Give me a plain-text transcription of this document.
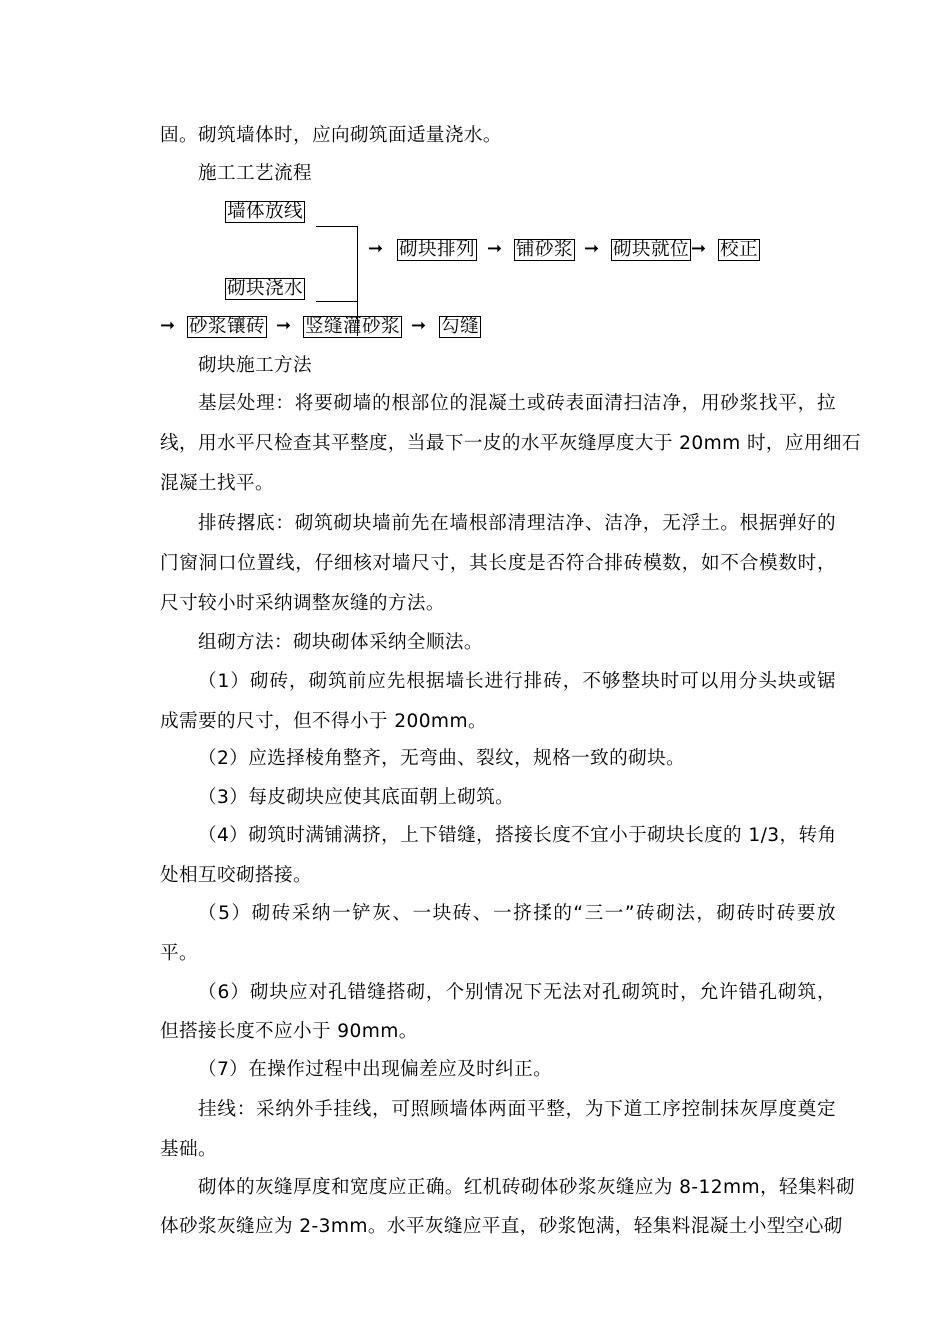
固。砌筑墙体时，应向砌筑面适量浇水。
施工工艺流程
墙体放线
砌块浇水
➞ 砌块排列 ➞ 铺砂浆 ➞ 砌块就位 ➞ 校正
➞ 砂浆镶砖 ➞ 竖缝灌砂浆 ➞ 勾缝
砌块施工方法
基层处理：将要砌墙的根部位的混凝土或砖表面清扫洁净，用砂浆找平，拉
线，用水平尺检查其平整度，当最下一皮的水平灰缝厚度大于 20mm 时，应用细石
混凝土找平。
排砖撂底：砌筑砌块墙前先在墙根部清理洁净、洁净，无浮土。根据弹好的
门窗洞口位置线，仔细核对墙尺寸，其长度是否符合排砖模数，如不合模数时，
尺寸较小时采纳调整灰缝的方法。
组砌方法：砌块砌体采纳全顺法。
（1）砌砖，砌筑前应先根据墙长进行排砖，不够整块时可以用分头块或锯
成需要的尺寸，但不得小于 200mm。
（2）应选择棱角整齐，无弯曲、裂纹，规格一致的砌块。
（3）每皮砌块应使其底面朝上砌筑。
（4）砌筑时满铺满挤，上下错缝，搭接长度不宜小于砌块长度的 1/3，转角
处相互咬砌搭接。
（5）砌砖采纳一铲灰、一块砖、一挤揉的“三一”砖砌法，砌砖时砖要放
平。
（6）砌块应对孔错缝搭砌，个别情况下无法对孔砌筑时，允许错孔砌筑，
但搭接长度不应小于 90mm。
（7）在操作过程中出现偏差应及时纠正。
挂线：采纳外手挂线，可照顾墙体两面平整，为下道工序控制抹灰厚度奠定
基础。
砌体的灰缝厚度和宽度应正确。红机砖砌体砂浆灰缝应为 8-12mm，轻集料砌
体砂浆灰缝应为 2-3mm。水平灰缝应平直，砂浆饱满，轻集料混凝土小型空心砌
